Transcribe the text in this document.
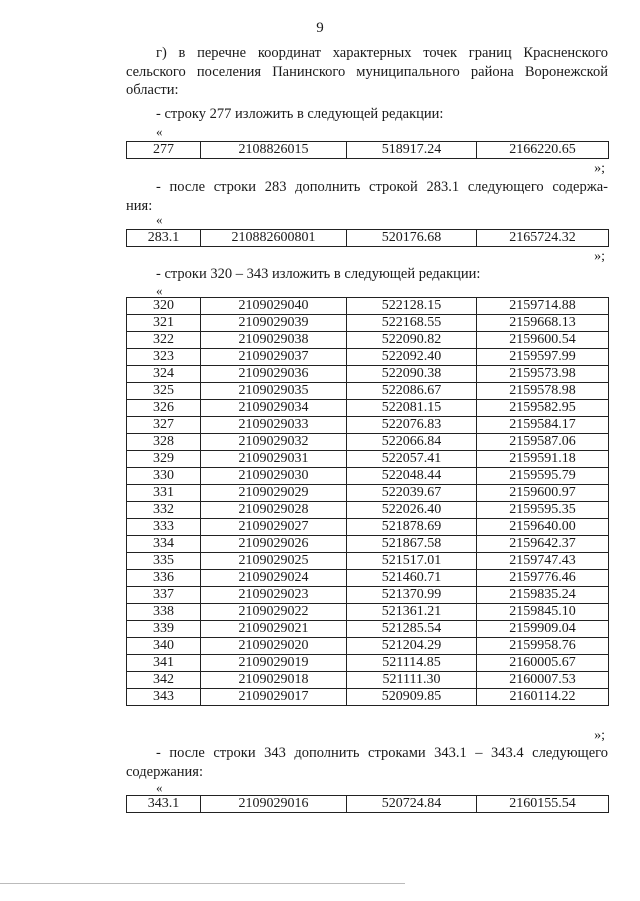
9
г) в перечне координат характерных точек границ Красненского
сельского поселения Панинского муниципального района Воронежской
области:
- строку 277 изложить в следующей редакции:
«
277	2108826015	518917.24	2166220.65
»;
- после строки 283 дополнить строкой 283.1 следующего содержа-
ния:
«
283.1	210882600801	520176.68	2165724.32
»;
- строки 320 – 343 изложить в следующей редакции:
«
320	2109029040	522128.15	2159714.88
321	2109029039	522168.55	2159668.13
322	2109029038	522090.82	2159600.54
323	2109029037	522092.40	2159597.99
324	2109029036	522090.38	2159573.98
325	2109029035	522086.67	2159578.98
326	2109029034	522081.15	2159582.95
327	2109029033	522076.83	2159584.17
328	2109029032	522066.84	2159587.06
329	2109029031	522057.41	2159591.18
330	2109029030	522048.44	2159595.79
331	2109029029	522039.67	2159600.97
332	2109029028	522026.40	2159595.35
333	2109029027	521878.69	2159640.00
334	2109029026	521867.58	2159642.37
335	2109029025	521517.01	2159747.43
336	2109029024	521460.71	2159776.46
337	2109029023	521370.99	2159835.24
338	2109029022	521361.21	2159845.10
339	2109029021	521285.54	2159909.04
340	2109029020	521204.29	2159958.76
341	2109029019	521114.85	2160005.67
342	2109029018	521111.30	2160007.53
343	2109029017	520909.85	2160114.22
»;
- после строки 343 дополнить строками 343.1 – 343.4 следующего
содержания:
«
343.1	2109029016	520724.84	2160155.54
